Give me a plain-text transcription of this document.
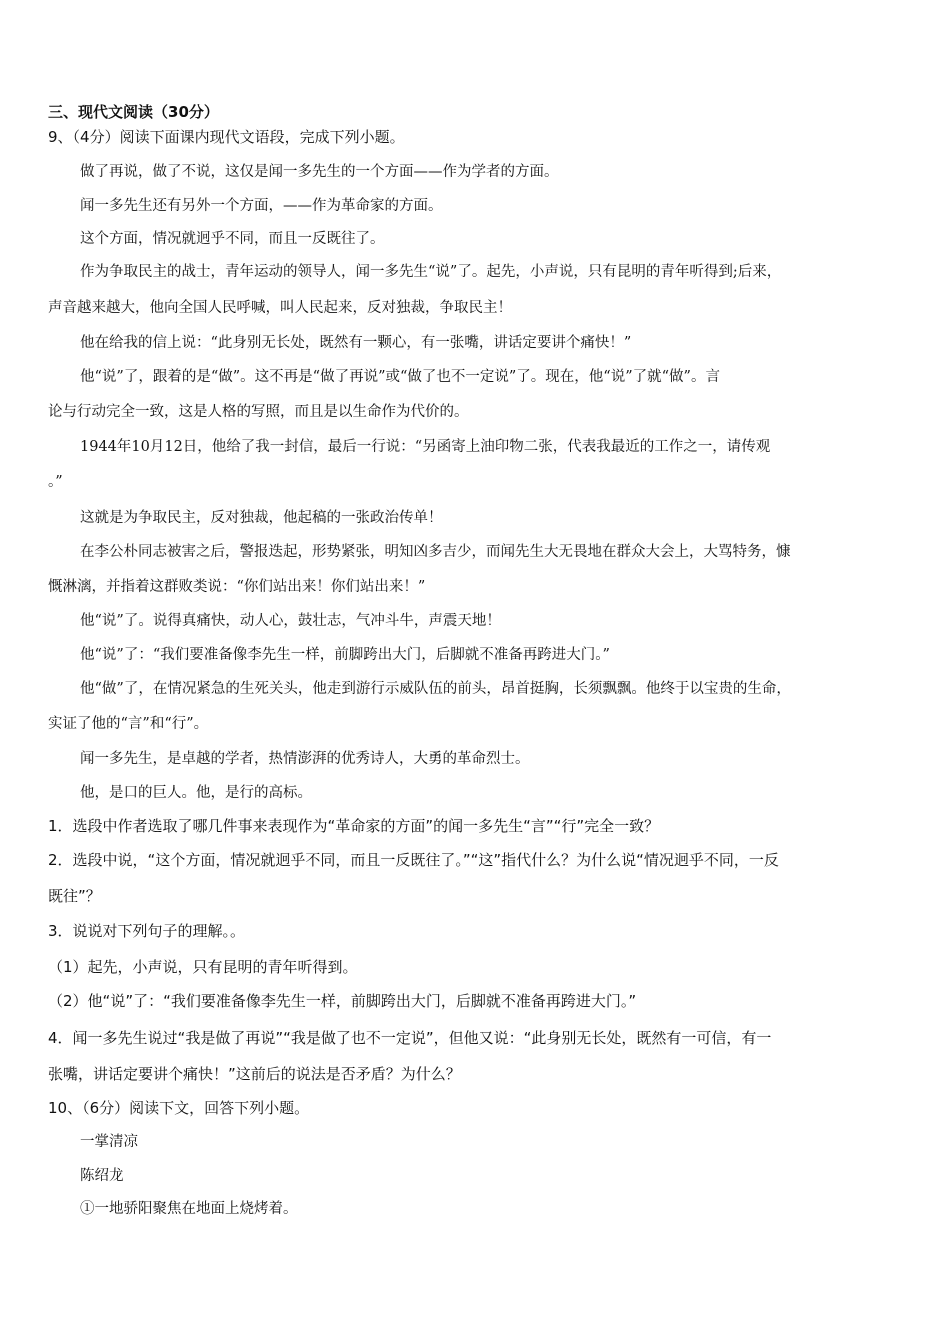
三、现代文阅读（30分）
9、（4分）阅读下面课内现代文语段，完成下列小题。
做了再说，做了不说，这仅是闻一多先生的一个方面——作为学者的方面。
闻一多先生还有另外一个方面，——作为革命家的方面。
这个方面，情况就迥乎不同，而且一反既往了。
作为争取民主的战士，青年运动的领导人，闻一多先生“说”了。起先，小声说，只有昆明的青年听得到;后来，
声音越来越大，他向全国人民呼喊，叫人民起来，反对独裁，争取民主！
他在给我的信上说：“此身别无长处，既然有一颗心，有一张嘴，讲话定要讲个痛快！”
他“说”了，跟着的是“做”。这不再是“做了再说”或“做了也不一定说”了。现在，他“说”了就“做”。言
论与行动完全一致，这是人格的写照，而且是以生命作为代价的。
1944年10月12日，他给了我一封信，最后一行说：“另函寄上油印物二张，代表我最近的工作之一，请传观
。”
这就是为争取民主，反对独裁，他起稿的一张政治传单！
在李公朴同志被害之后，警报迭起，形势紧张，明知凶多吉少，而闻先生大无畏地在群众大会上，大骂特务，慷
慨淋漓，并指着这群败类说：“你们站出来！你们站出来！”
他“说”了。说得真痛快，动人心，鼓壮志，气冲斗牛，声震天地！
他“说”了：“我们要准备像李先生一样，前脚跨出大门，后脚就不准备再跨进大门。”
他“做”了，在情况紧急的生死关头，他走到游行示威队伍的前头，昂首挺胸，长须飘飘。他终于以宝贵的生命，
实证了他的“言”和“行”。
闻一多先生，是卓越的学者，热情澎湃的优秀诗人，大勇的革命烈士。
他，是口的巨人。他，是行的高标。
1．选段中作者选取了哪几件事来表现作为“革命家的方面”的闻一多先生“言”“行”完全一致？
2．选段中说，“这个方面，情况就迥乎不同，而且一反既往了。”“这”指代什么？为什么说“情况迥乎不同，一反
既往”？
3．说说对下列句子的理解。。
（1）起先，小声说，只有昆明的青年听得到。
（2）他“说”了：“我们要准备像李先生一样，前脚跨出大门，后脚就不准备再跨进大门。”
4．闻一多先生说过“我是做了再说”“我是做了也不一定说”，但他又说：“此身别无长处，既然有一可信，有一
张嘴，讲话定要讲个痛快！”这前后的说法是否矛盾？为什么？
10、（6分）阅读下文，回答下列小题。
一掌清凉
陈绍龙
①一地骄阳聚焦在地面上烧烤着。
